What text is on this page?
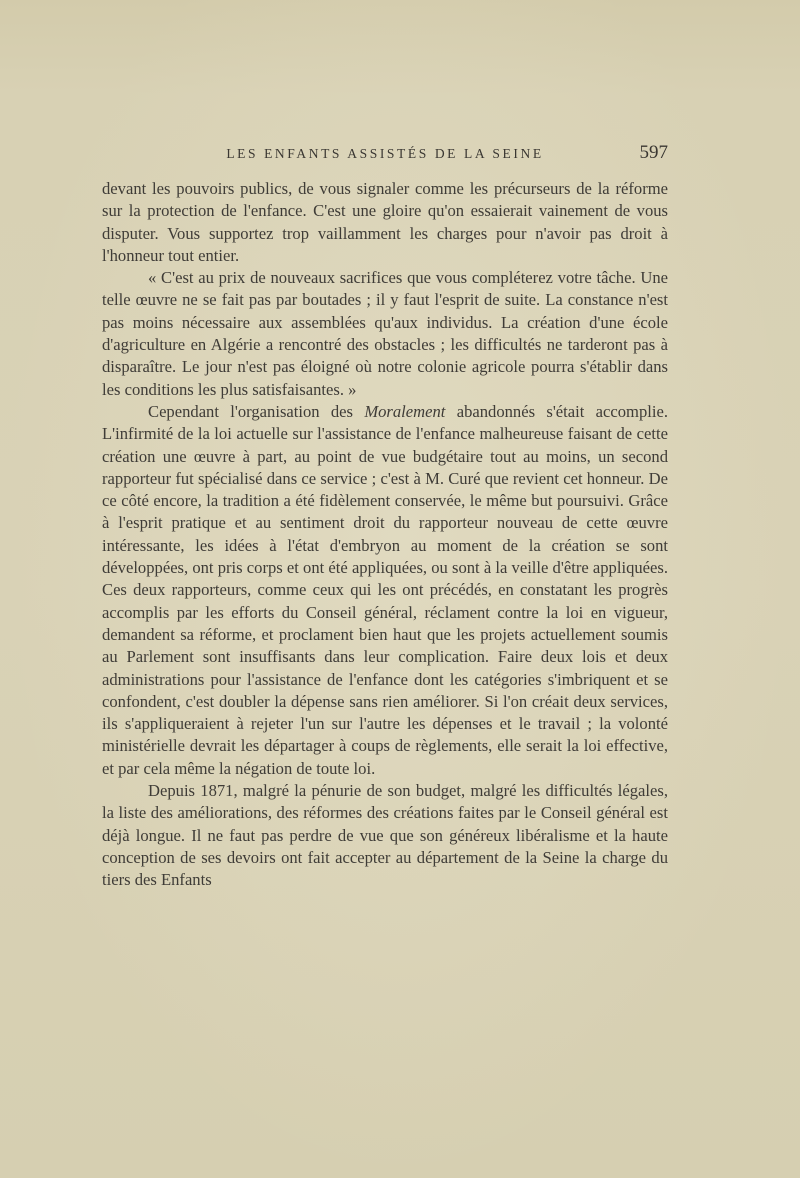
LES ENFANTS ASSISTÉS DE LA SEINE	597

devant les pouvoirs publics, de vous signaler comme les précurseurs de la réforme sur la protection de l'enfance. C'est une gloire qu'on essaierait vainement de vous disputer. Vous supportez trop vaillamment les charges pour n'avoir pas droit à l'honneur tout entier.

« C'est au prix de nouveaux sacrifices que vous compléterez votre tâche. Une telle œuvre ne se fait pas par boutades ; il y faut l'esprit de suite. La constance n'est pas moins nécessaire aux assemblées qu'aux individus. La création d'une école d'agriculture en Algérie a rencontré des obstacles ; les difficultés ne tarderont pas à disparaître. Le jour n'est pas éloigné où notre colonie agricole pourra s'établir dans les conditions les plus satisfaisantes. »

Cependant l'organisation des Moralement abandonnés s'était accomplie. L'infirmité de la loi actuelle sur l'assistance de l'enfance malheureuse faisant de cette création une œuvre à part, au point de vue budgétaire tout au moins, un second rapporteur fut spécialisé dans ce service ; c'est à M. Curé que revient cet honneur. De ce côté encore, la tradition a été fidèlement conservée, le même but poursuivi. Grâce à l'esprit pratique et au sentiment droit du rapporteur nouveau de cette œuvre intéressante, les idées à l'état d'embryon au moment de la création se sont développées, ont pris corps et ont été appliquées, ou sont à la veille d'être appliquées. Ces deux rapporteurs, comme ceux qui les ont précédés, en constatant les progrès accomplis par les efforts du Conseil général, réclament contre la loi en vigueur, demandent sa réforme, et proclament bien haut que les projets actuellement soumis au Parlement sont insuffisants dans leur complication. Faire deux lois et deux administrations pour l'assistance de l'enfance dont les catégories s'imbriquent et se confondent, c'est doubler la dépense sans rien améliorer. Si l'on créait deux services, ils s'appliqueraient à rejeter l'un sur l'autre les dépenses et le travail ; la volonté ministérielle devrait les départager à coups de règlements, elle serait la loi effective, et par cela même la négation de toute loi.

Depuis 1871, malgré la pénurie de son budget, malgré les difficultés légales, la liste des améliorations, des réformes des créations faites par le Conseil général est déjà longue. Il ne faut pas perdre de vue que son généreux libéralisme et la haute conception de ses devoirs ont fait accepter au département de la Seine la charge du tiers des Enfants
